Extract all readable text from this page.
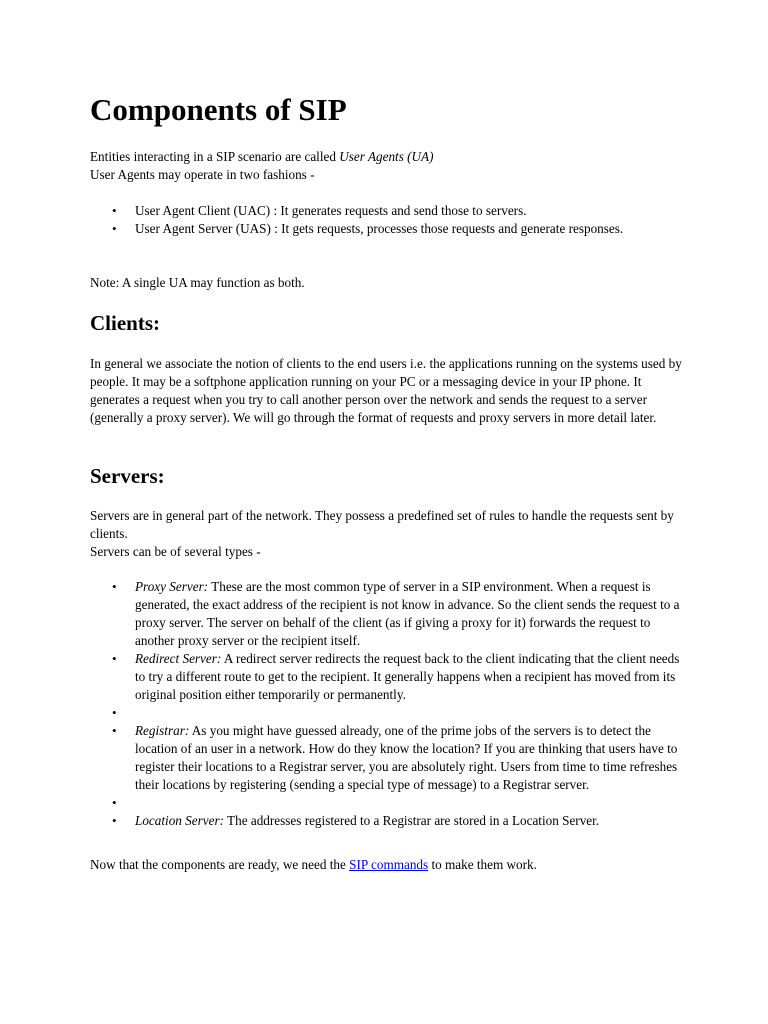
Components of SIP

Entities interacting in a SIP scenario are called User Agents (UA)

User Agents may operate in two fashions -

• User Agent Client (UAC) : It generates requests and send those to servers.
• User Agent Server (UAS) : It gets requests, processes those requests and generate responses.

Note: A single UA may function as both.

Clients:

In general we associate the notion of clients to the end users i.e. the applications running on the systems used by people. It may be a softphone application running on your PC or a messaging device in your IP phone. It generates a request when you try to call another person over the network and sends the request to a server (generally a proxy server). We will go through the format of requests and proxy servers in more detail later.

Servers:

Servers are in general part of the network. They possess a predefined set of rules to handle the requests sent by clients.

Servers can be of several types -

• Proxy Server: These are the most common type of server in a SIP environment. When a request is generated, the exact address of the recipient is not know in advance. So the client sends the request to a proxy server. The server on behalf of the client (as if giving a proxy for it) forwards the request to another proxy server or the recipient itself.
• Redirect Server: A redirect server redirects the request back to the client indicating that the client needs to try a different route to get to the recipient. It generally happens when a recipient has moved from its original position either temporarily or permanently.
•
• Registrar: As you might have guessed already, one of the prime jobs of the servers is to detect the location of an user in a network. How do they know the location? If you are thinking that users have to register their locations to a Registrar server, you are absolutely right. Users from time to time refreshes their locations by registering (sending a special type of message) to a Registrar server.
•
• Location Server: The addresses registered to a Registrar are stored in a Location Server.

Now that the components are ready, we need the SIP commands to make them work.
